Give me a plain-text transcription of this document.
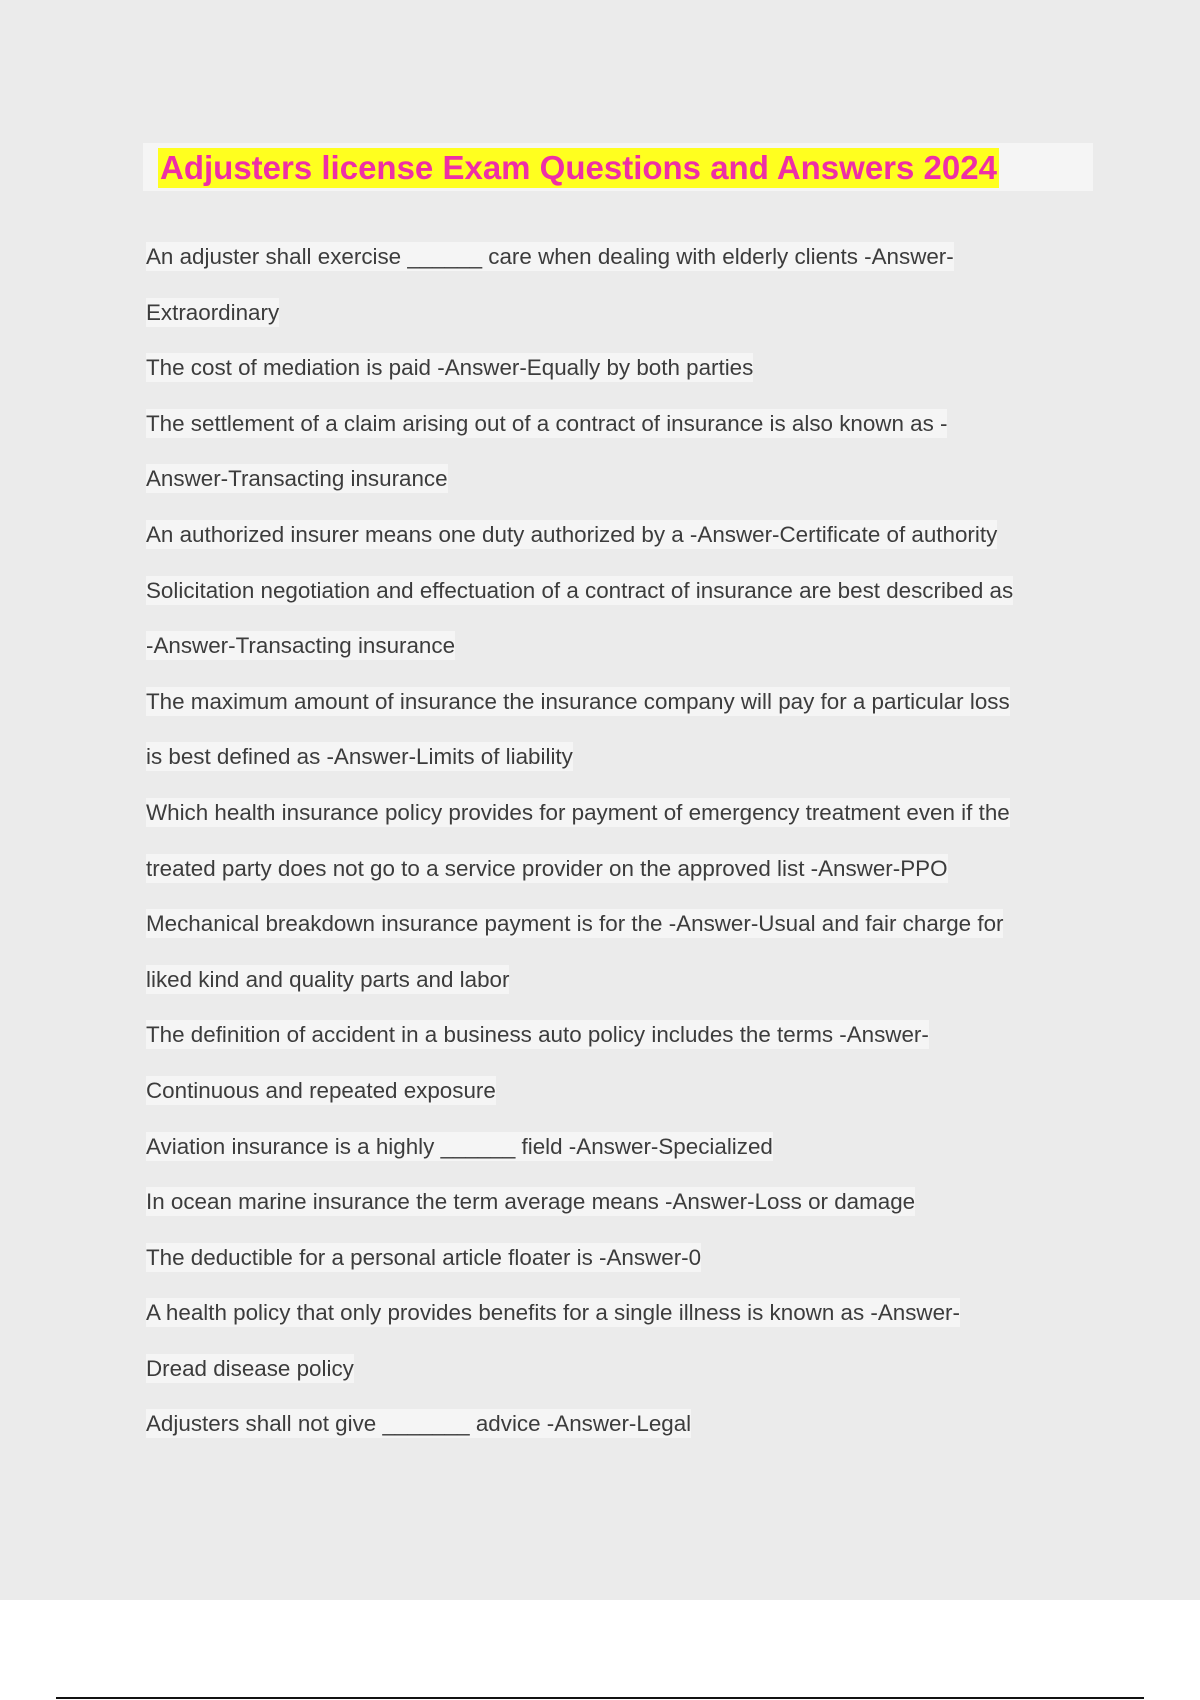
Adjusters license Exam Questions and Answers 2024
An adjuster shall exercise ______ care when dealing with elderly clients -Answer-
Extraordinary
The cost of mediation is paid -Answer-Equally by both parties
The settlement of a claim arising out of a contract of insurance is also known as -
Answer-Transacting insurance
An authorized insurer means one duty authorized by a -Answer-Certificate of authority
Solicitation negotiation and effectuation of a contract of insurance are best described as
-Answer-Transacting insurance
The maximum amount of insurance the insurance company will pay for a particular loss
is best defined as -Answer-Limits of liability
Which health insurance policy provides for payment of emergency treatment even if the
treated party does not go to a service provider on the approved list -Answer-PPO
Mechanical breakdown insurance payment is for the -Answer-Usual and fair charge for
liked kind and quality parts and labor
The definition of accident in a business auto policy includes the terms -Answer-
Continuous and repeated exposure
Aviation insurance is a highly ______ field -Answer-Specialized
In ocean marine insurance the term average means -Answer-Loss or damage
The deductible for a personal article floater is -Answer-0
A health policy that only provides benefits for a single illness is known as -Answer-
Dread disease policy
Adjusters shall not give _______ advice -Answer-Legal
